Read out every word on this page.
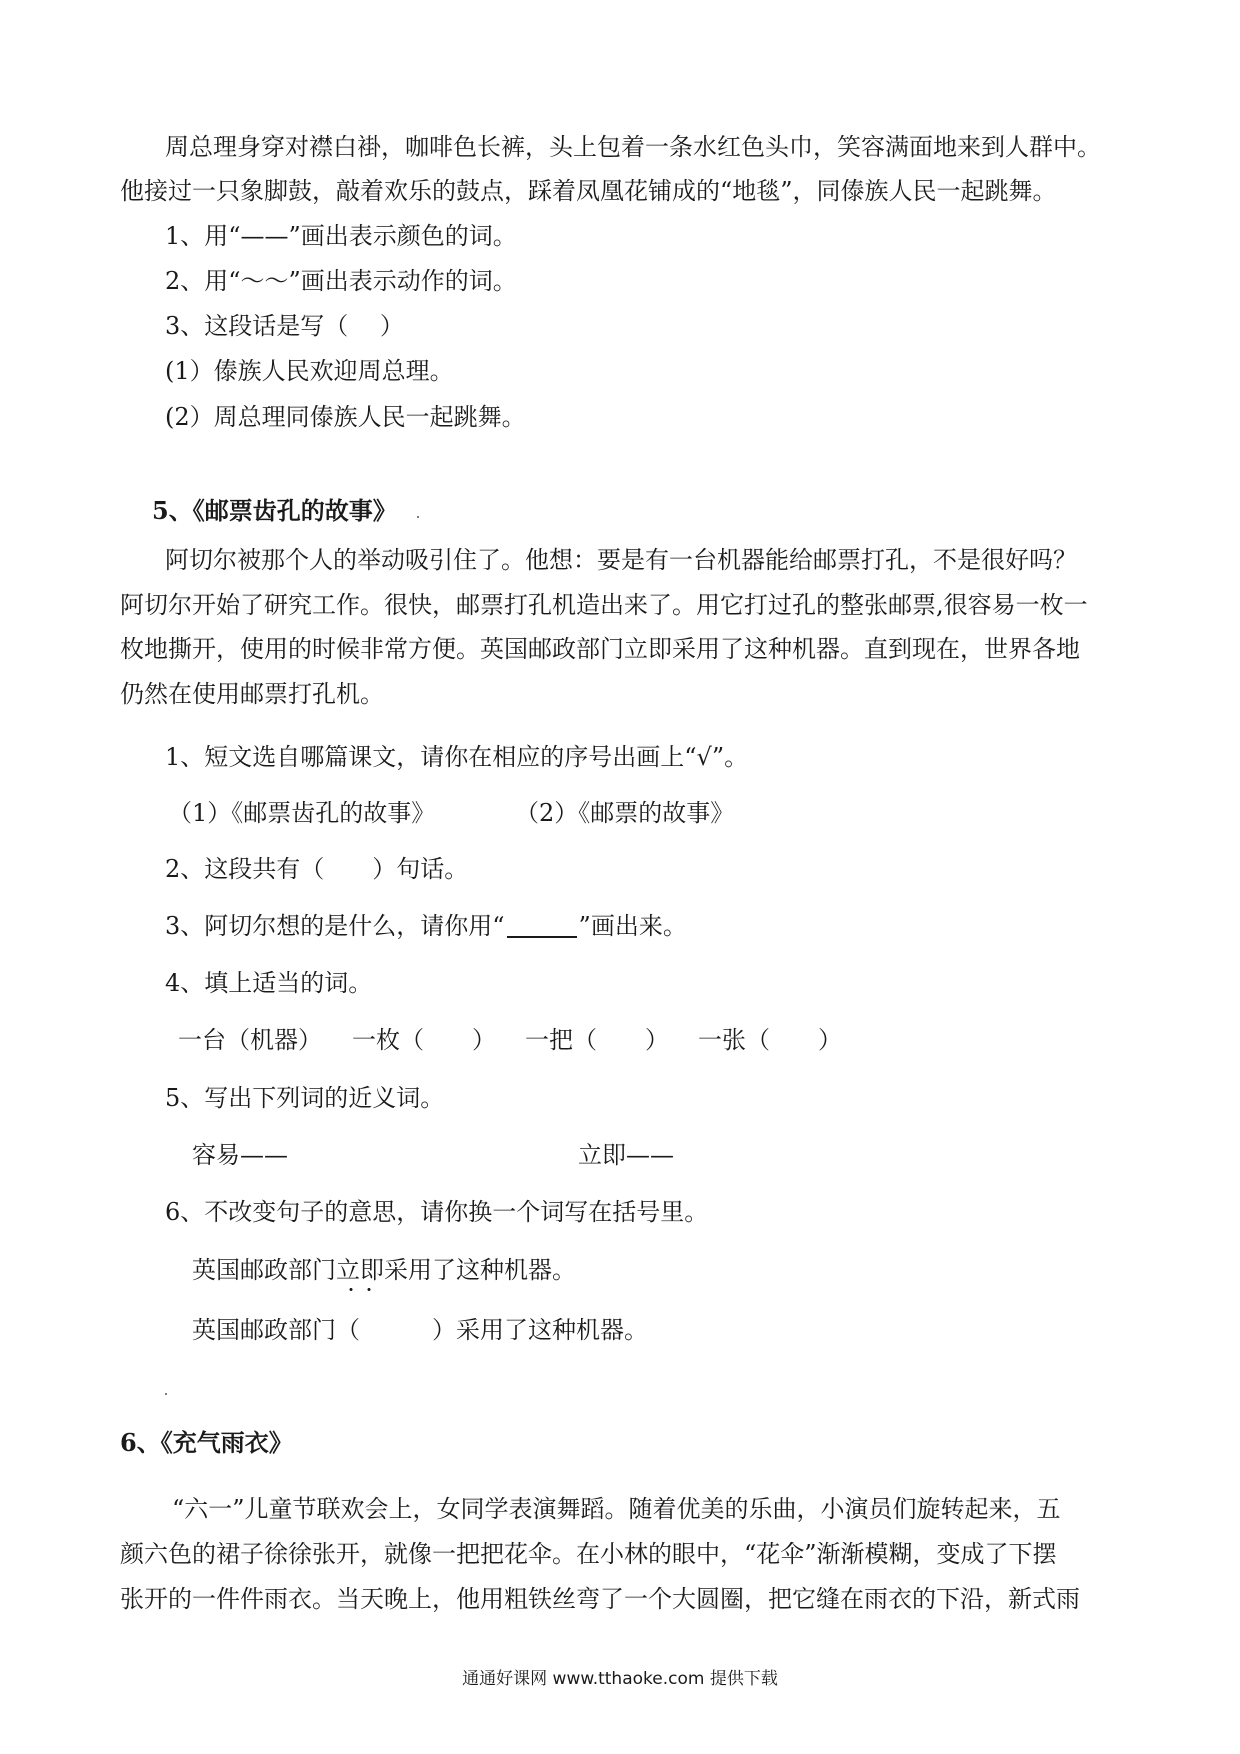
周总理身穿对襟白褂，咖啡色长裤，头上包着一条水红色头巾，笑容满面地来到人群中。
他接过一只象脚鼓，敲着欢乐的鼓点，踩着凤凰花铺成的“地毯”，同傣族人民一起跳舞。
1、用“——”画出表示颜色的词。
2、用“～～”画出表示动作的词。
3、这段话是写（　 ）
(1）傣族人民欢迎周总理。
(2）周总理同傣族人民一起跳舞。
5、《邮票齿孔的故事》
阿切尔被那个人的举动吸引住了。他想：要是有一台机器能给邮票打孔，不是很好吗？
阿切尔开始了研究工作。很快，邮票打孔机造出来了。用它打过孔的整张邮票,很容易一枚一
枚地撕开，使用的时候非常方便。英国邮政部门立即采用了这种机器。直到现在，世界各地
仍然在使用邮票打孔机。
1、短文选自哪篇课文，请你在相应的序号出画上“√”。
（1）《邮票齿孔的故事》	（2）《邮票的故事》
2、这段共有（　　）句话。
3、阿切尔想的是什么，请你用“	”画出来。
4、填上适当的词。
一台（机器） 一枚（　　） 一把（　　） 一张（　　）
5、写出下列词的近义词。
容易——	立即——
6、不改变句子的意思，请你换一个词写在括号里。
英国邮政部门立即采用了这种机器。
英国邮政部门（　　　）采用了这种机器。
6、《充气雨衣》
“六一”儿童节联欢会上，女同学表演舞蹈。随着优美的乐曲，小演员们旋转起来，五
颜六色的裙子徐徐张开，就像一把把花伞。在小林的眼中，“花伞”渐渐模糊，变成了下摆
张开的一件件雨衣。当天晚上，他用粗铁丝弯了一个大圆圈，把它缝在雨衣的下沿，新式雨
通通好课网 www.tthaoke.com 提供下载
